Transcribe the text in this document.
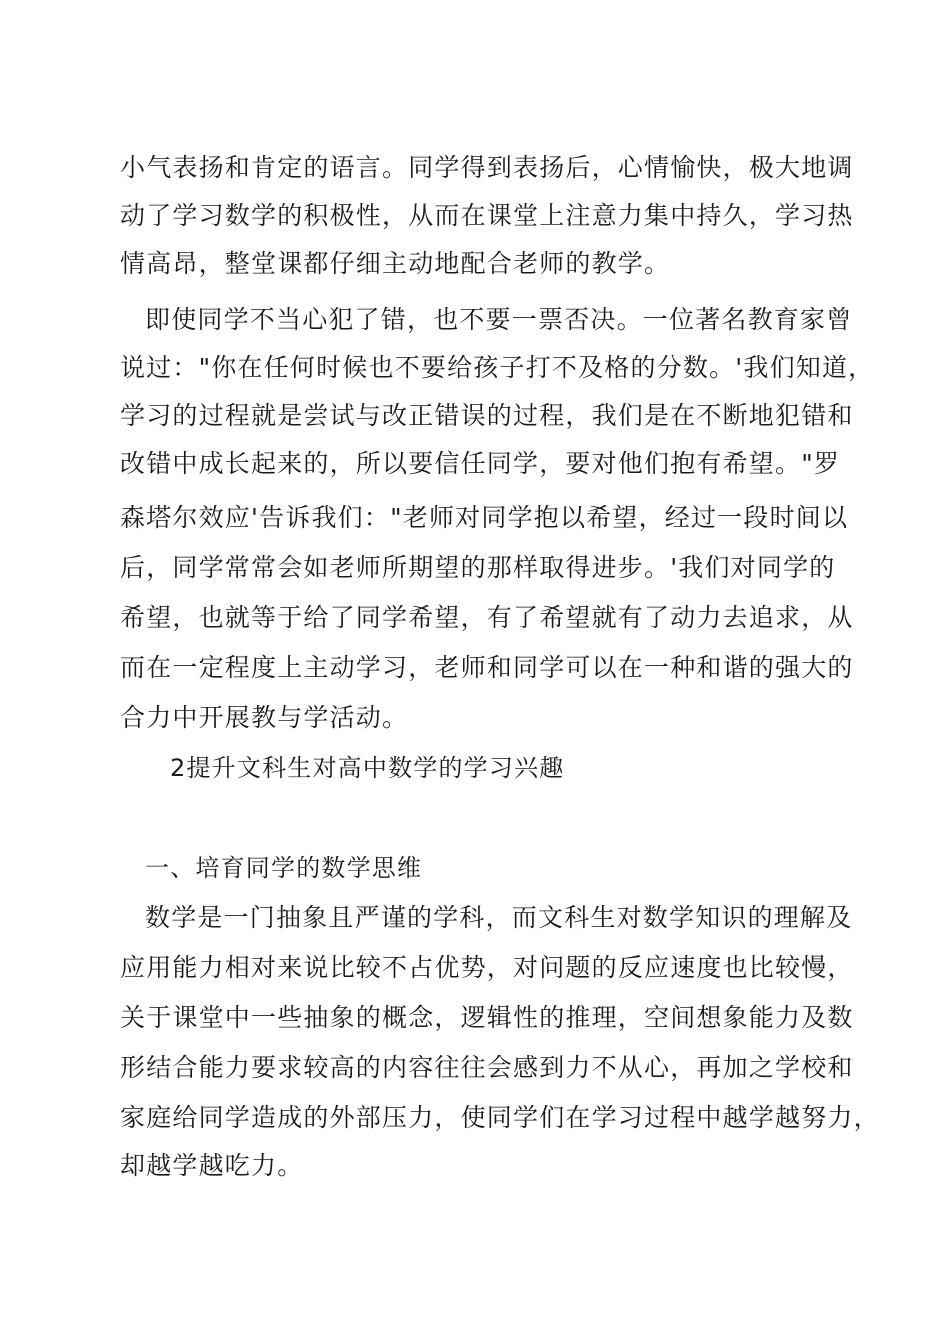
小气表扬和肯定的语言。同学得到表扬后，心情愉快，极大地调
动了学习数学的积极性，从而在课堂上注意力集中持久，学习热
情高昂，整堂课都仔细主动地配合老师的教学。
即使同学不当心犯了错，也不要一票否决。一位著名教育家曾
说过："你在任何时候也不要给孩子打不及格的分数。'我们知道，
学习的过程就是尝试与改正错误的过程，我们是在不断地犯错和
改错中成长起来的，所以要信任同学，要对他们抱有希望。"罗
森塔尔效应'告诉我们："老师对同学抱以希望，经过一段时间以
后，同学常常会如老师所期望的那样取得进步。'我们对同学的
希望，也就等于给了同学希望，有了希望就有了动力去追求，从
而在一定程度上主动学习，老师和同学可以在一种和谐的强大的
合力中开展教与学活动。
2提升文科生对高中数学的学习兴趣
一、培育同学的数学思维
数学是一门抽象且严谨的学科，而文科生对数学知识的理解及
应用能力相对来说比较不占优势，对问题的反应速度也比较慢，
关于课堂中一些抽象的概念，逻辑性的推理，空间想象能力及数
形结合能力要求较高的内容往往会感到力不从心，再加之学校和
家庭给同学造成的外部压力，使同学们在学习过程中越学越努力，
却越学越吃力。
